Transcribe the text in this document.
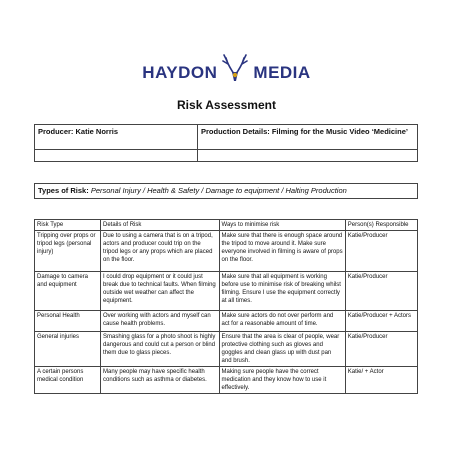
HAYDON MEDIA
Risk Assessment
Producer: Katie Norris	Production Details: Filming for the Music Video ‘Medicine’

Types of Risk: Personal Injury / Health & Safety / Damage to equipment / Halting Production
Risk Type	Details of Risk	Ways to minimise risk	Person(s) Responsible
Tripping over props or tripod legs (personal injury)	Due to using a camera that is on a tripod, actors and producer could trip on the tripod legs or any props which are placed on the floor.	Make sure that there is enough space around the tripod to move around it. Make sure everyone involved in filming is aware of props on the floor.	Katie/Producer
Damage to camera and equipment	I could drop equipment or it could just break due to technical faults. When filming outside wet weather can affect the equipment.	Make sure that all equipment is working before use to minimise risk of breaking whilst filming. Ensure I use the equipment correctly at all times.	Katie/Producer
Personal Health	Over working with actors and myself can cause health problems.	Make sure actors do not over perform and act for a reasonable amount of time.	Katie/Producer + Actors
General injuries	Smashing glass for a photo shoot is highly dangerous and could cut a person or blind them due to glass pieces.	Ensure that the area is clear of people, wear protective clothing such as gloves and goggles and clean glass up with dust pan and brush.	Katie/Producer
A certain persons medical condition	Many people may have specific health conditions such as asthma or diabetes.	Making sure people have the correct medication and they know how to use it effectively.	Katie/ + Actor
